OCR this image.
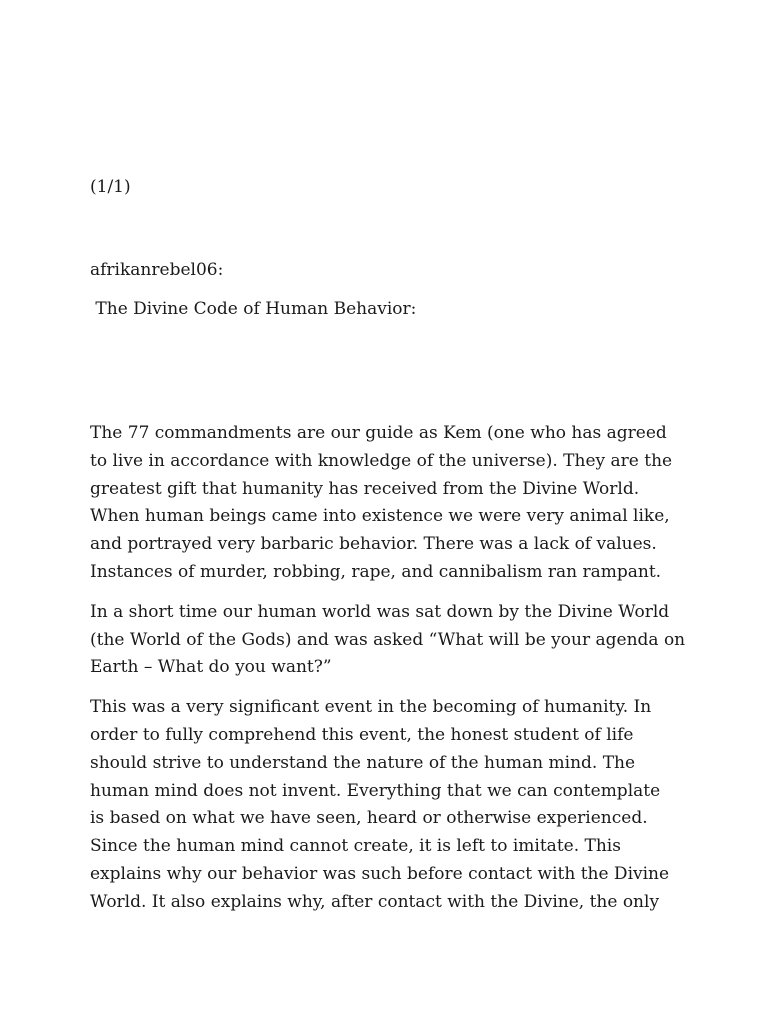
(1/1)
afrikanrebel06:
The Divine Code of Human Behavior:

The 77 commandments are our guide as Kem (one who has agreed
to live in accordance with knowledge of the universe). They are the
greatest gift that humanity has received from the Divine World.
When human beings came into existence we were very animal like,
and portrayed very barbaric behavior. There was a lack of values.
Instances of murder, robbing, rape, and cannibalism ran rampant.

In a short time our human world was sat down by the Divine World
(the World of the Gods) and was asked “What will be your agenda on
Earth – What do you want?”

This was a very significant event in the becoming of humanity. In
order to fully comprehend this event, the honest student of life
should strive to understand the nature of the human mind. The
human mind does not invent. Everything that we can contemplate
is based on what we have seen, heard or otherwise experienced.
Since the human mind cannot create, it is left to imitate. This
explains why our behavior was such before contact with the Divine
World. It also explains why, after contact with the Divine, the only
